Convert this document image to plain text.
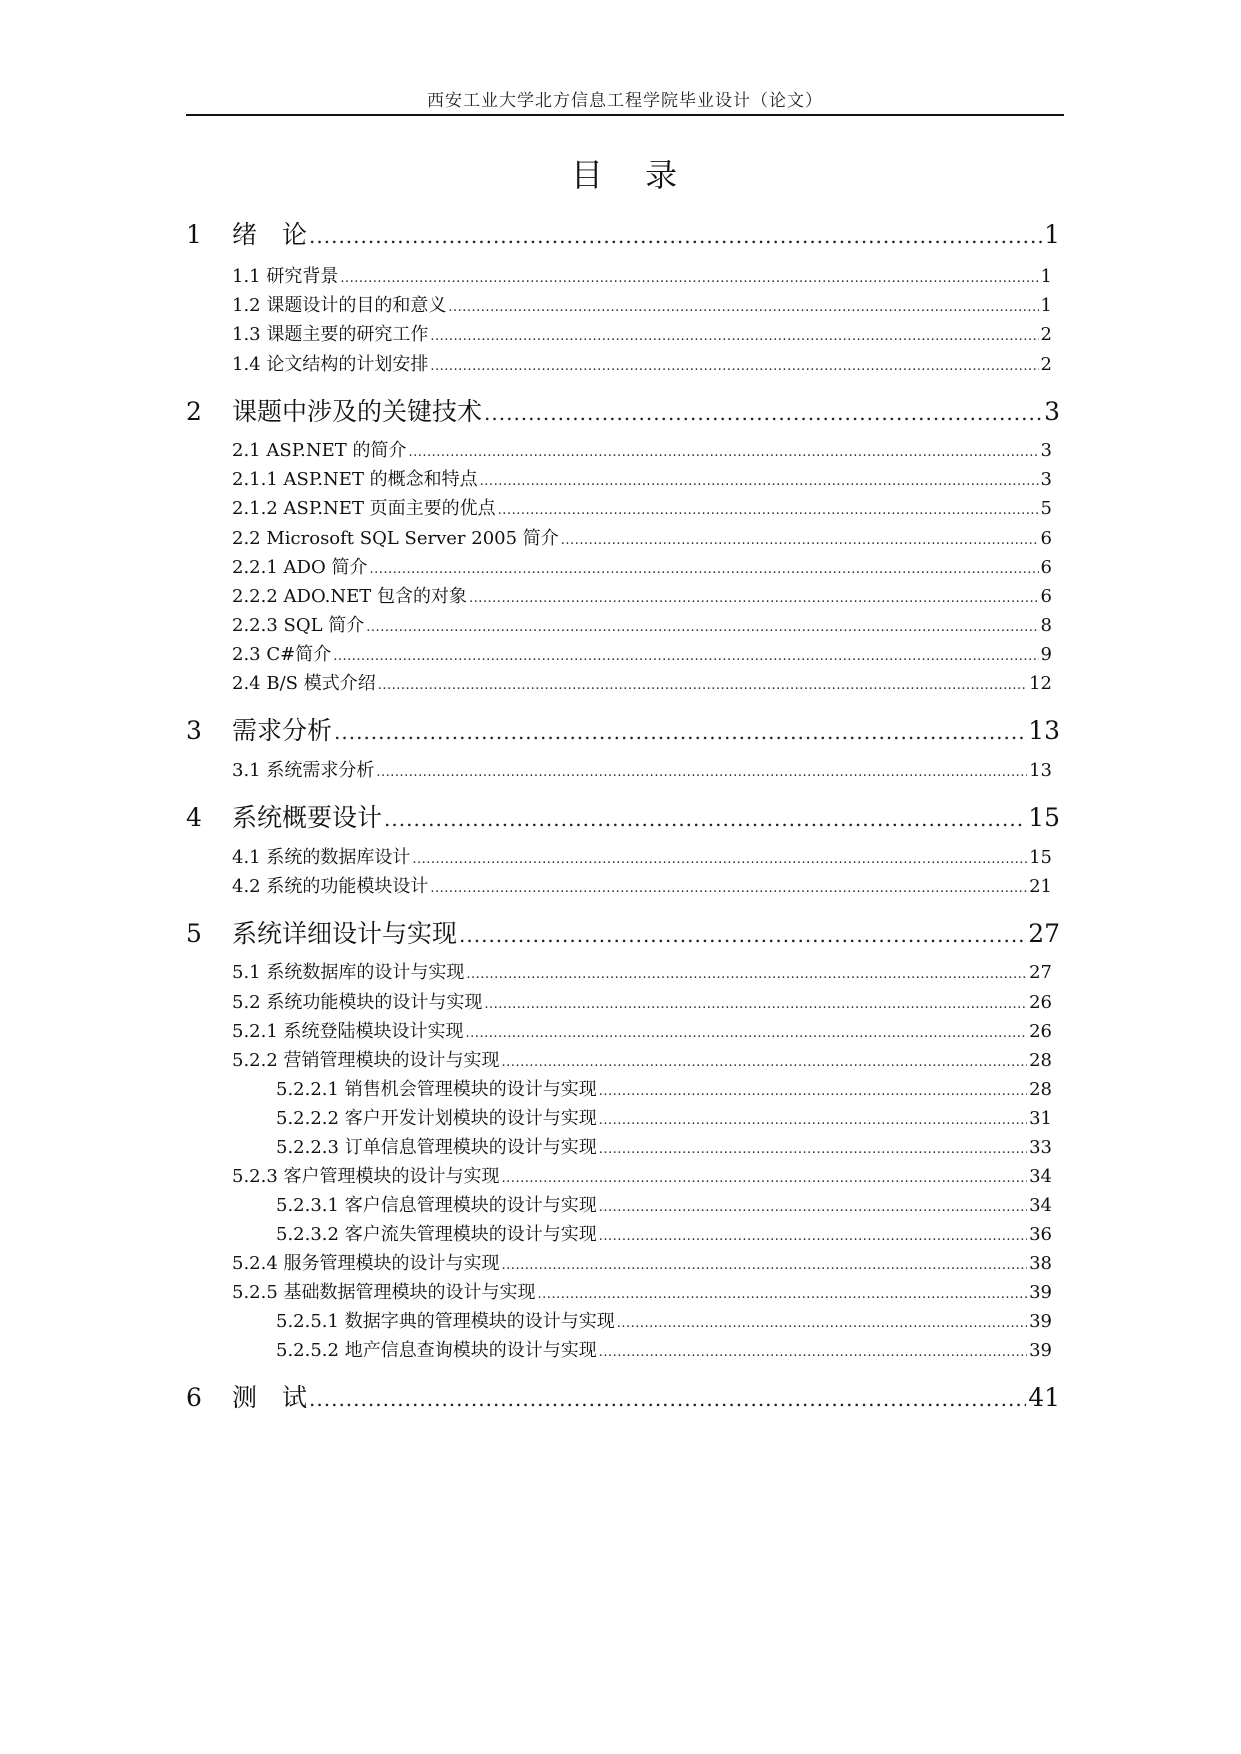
西安工业大学北方信息工程学院毕业设计（论文）
目 录
1	绪　论 .....	1
1.1 研究背景 .....	1
1.2 课题设计的目的和意义 .....	1
1.3 课题主要的研究工作 .....	2
1.4 论文结构的计划安排 .....	2
2	课题中涉及的关键技术 .....	3
2.1 ASP.NET 的简介 .....	3
2.1.1 ASP.NET 的概念和特点 .....	3
2.1.2 ASP.NET 页面主要的优点 .....	5
2.2 Microsoft SQL Server 2005 简介 .....	6
2.2.1 ADO 简介 .....	6
2.2.2 ADO.NET 包含的对象 .....	6
2.2.3 SQL 简介 .....	8
2.3 C#简介 .....	9
2.4 B/S 模式介绍 .....	12
3	需求分析 .....	13
3.1 系统需求分析 .....	13
4	系统概要设计 .....	15
4.1 系统的数据库设计 .....	15
4.2 系统的功能模块设计 .....	21
5	系统详细设计与实现 .....	27
5.1 系统数据库的设计与实现 .....	27
5.2 系统功能模块的设计与实现 .....	26
5.2.1 系统登陆模块设计实现 .....	26
5.2.2 营销管理模块的设计与实现 .....	28
5.2.2.1 销售机会管理模块的设计与实现 .....	28
5.2.2.2 客户开发计划模块的设计与实现 .....	31
5.2.2.3 订单信息管理模块的设计与实现 .....	33
5.2.3 客户管理模块的设计与实现 .....	34
5.2.3.1 客户信息管理模块的设计与实现 .....	34
5.2.3.2 客户流失管理模块的设计与实现 .....	36
5.2.4 服务管理模块的设计与实现 .....	38
5.2.5 基础数据管理模块的设计与实现 .....	39
5.2.5.1 数据字典的管理模块的设计与实现 .....	39
5.2.5.2 地产信息查询模块的设计与实现 .....	39
6	测　试 .....	41
